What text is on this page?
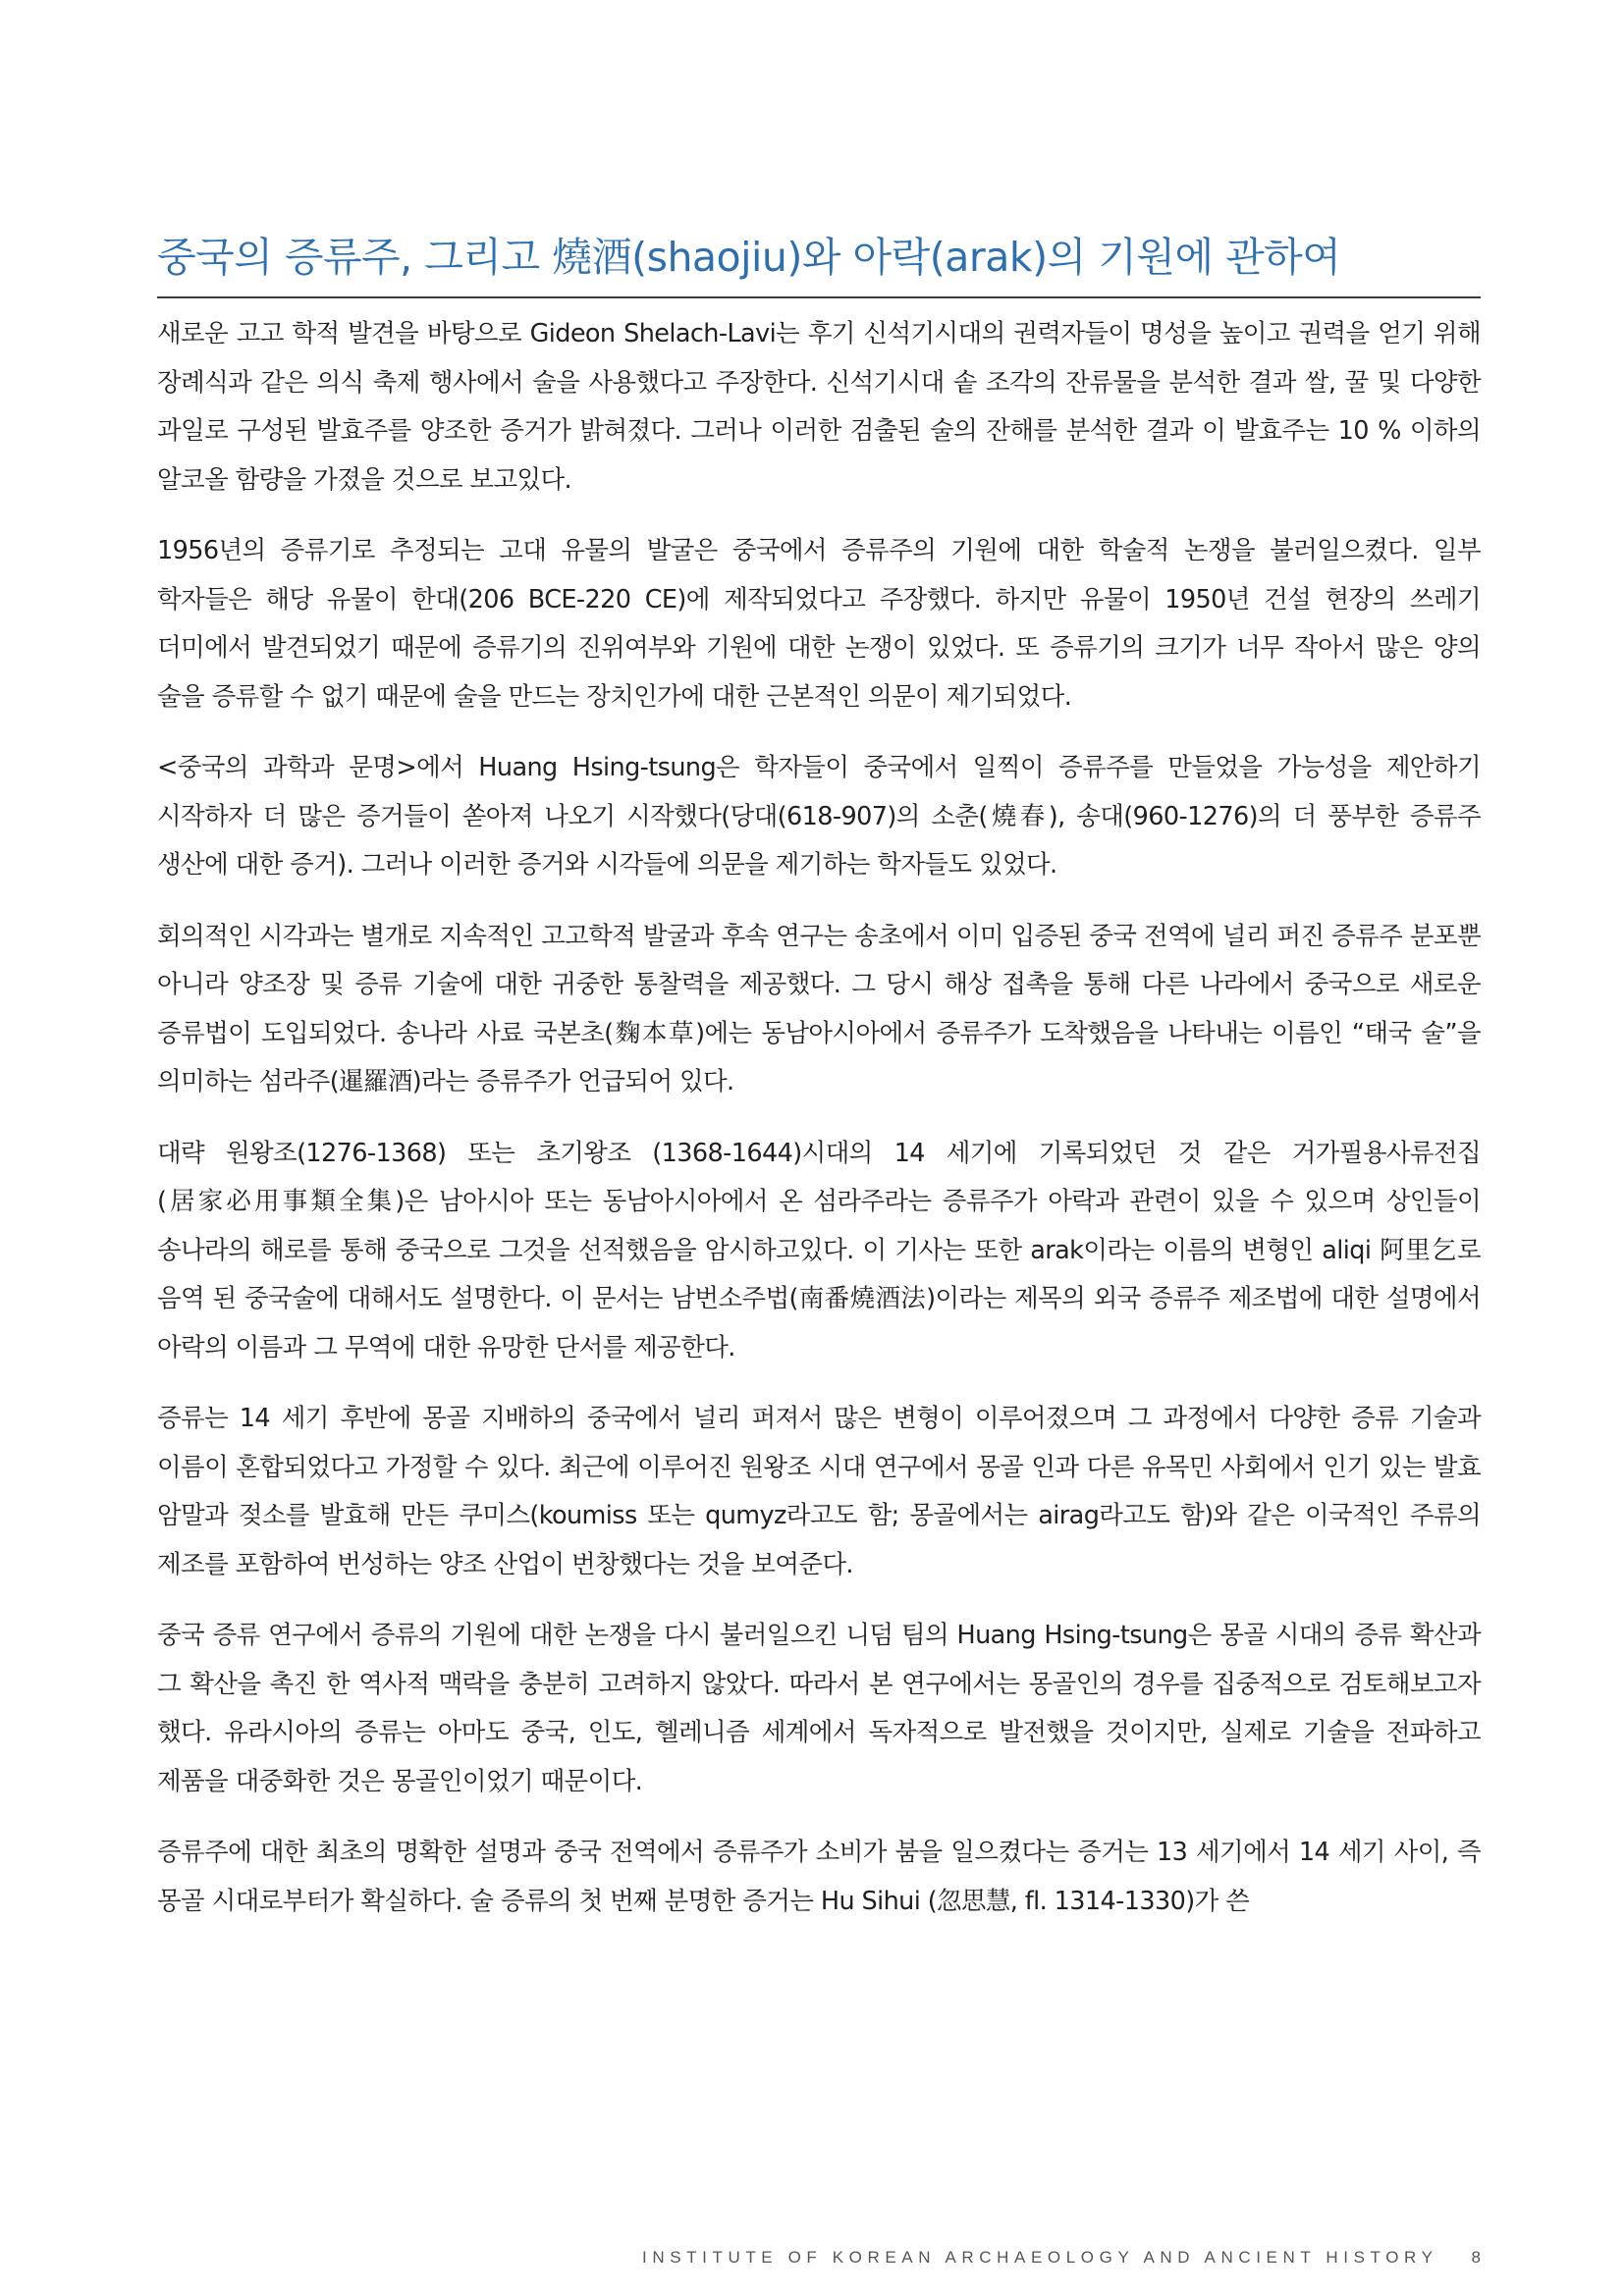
중국의 증류주, 그리고 燒酒(shaojiu)와 아락(arak)의 기원에 관하여

새로운 고고 학적 발견을 바탕으로 Gideon Shelach-Lavi는 후기 신석기시대의 권력자들이 명성을 높이고 권력을 얻기 위해 장례식과 같은 의식 축제 행사에서 술을 사용했다고 주장한다. 신석기시대 솥 조각의 잔류물을 분석한 결과 쌀, 꿀 및 다양한 과일로 구성된 발효주를 양조한 증거가 밝혀졌다. 그러나 이러한 검출된 술의 잔해를 분석한 결과 이 발효주는 10 % 이하의 알코올 함량을 가졌을 것으로 보고있다.

1956년의 증류기로 추정되는 고대 유물의 발굴은 중국에서 증류주의 기원에 대한 학술적 논쟁을 불러일으켰다. 일부 학자들은 해당 유물이 한대(206 BCE-220 CE)에 제작되었다고 주장했다. 하지만 유물이 1950년 건설 현장의 쓰레기 더미에서 발견되었기 때문에 증류기의 진위여부와 기원에 대한 논쟁이 있었다. 또 증류기의 크기가 너무 작아서 많은 양의 술을 증류할 수 없기 때문에 술을 만드는 장치인가에 대한 근본적인 의문이 제기되었다.

<중국의 과학과 문명>에서 Huang Hsing-tsung은 학자들이 중국에서 일찍이 증류주를 만들었을 가능성을 제안하기 시작하자 더 많은 증거들이 쏟아져 나오기 시작했다(당대(618-907)의 소춘(燒春), 송대(960-1276)의 더 풍부한 증류주 생산에 대한 증거). 그러나 이러한 증거와 시각들에 의문을 제기하는 학자들도 있었다.

회의적인 시각과는 별개로 지속적인 고고학적 발굴과 후속 연구는 송초에서 이미 입증된 중국 전역에 널리 퍼진 증류주 분포뿐 아니라 양조장 및 증류 기술에 대한 귀중한 통찰력을 제공했다. 그 당시 해상 접촉을 통해 다른 나라에서 중국으로 새로운 증류법이 도입되었다. 송나라 사료 국본초(麴本草)에는 동남아시아에서 증류주가 도착했음을 나타내는 이름인 “태국 술”을 의미하는 섬라주(暹羅酒)라는 증류주가 언급되어 있다.

대략 원왕조(1276-1368) 또는 초기왕조 (1368-1644)시대의 14 세기에 기록되었던 것 같은 거가필용사류전집(居家必用事類全集)은 남아시아 또는 동남아시아에서 온 섬라주라는 증류주가 아락과 관련이 있을 수 있으며 상인들이 송나라의 해로를 통해 중국으로 그것을 선적했음을 암시하고있다. 이 기사는 또한 arak이라는 이름의 변형인 aliqi 阿里乞로 음역 된 중국술에 대해서도 설명한다. 이 문서는 남번소주법(南番燒酒法)이라는 제목의 외국 증류주 제조법에 대한 설명에서 아락의 이름과 그 무역에 대한 유망한 단서를 제공한다.

증류는 14 세기 후반에 몽골 지배하의 중국에서 널리 퍼져서 많은 변형이 이루어졌으며 그 과정에서 다양한 증류 기술과 이름이 혼합되었다고 가정할 수 있다. 최근에 이루어진 원왕조 시대 연구에서 몽골 인과 다른 유목민 사회에서 인기 있는 발효 암말과 젖소를 발효해 만든 쿠미스(koumiss 또는 qumyz라고도 함; 몽골에서는 airag라고도 함)와 같은 이국적인 주류의 제조를 포함하여 번성하는 양조 산업이 번창했다는 것을 보여준다.

중국 증류 연구에서 증류의 기원에 대한 논쟁을 다시 불러일으킨 니덤 팀의 Huang Hsing-tsung은 몽골 시대의 증류 확산과 그 확산을 촉진 한 역사적 맥락을 충분히 고려하지 않았다. 따라서 본 연구에서는 몽골인의 경우를 집중적으로 검토해보고자 했다. 유라시아의 증류는 아마도 중국, 인도, 헬레니즘 세계에서 독자적으로 발전했을 것이지만, 실제로 기술을 전파하고 제품을 대중화한 것은 몽골인이었기 때문이다.

증류주에 대한 최초의 명확한 설명과 중국 전역에서 증류주가 소비가 붐을 일으켰다는 증거는 13 세기에서 14 세기 사이, 즉 몽골 시대로부터가 확실하다. 술 증류의 첫 번째 분명한 증거는 Hu Sihui (忽思慧, fl. 1314-1330)가 쓴

INSTITUTE OF KOREAN ARCHAEOLOGY AND ANCIENT HISTORY 8
